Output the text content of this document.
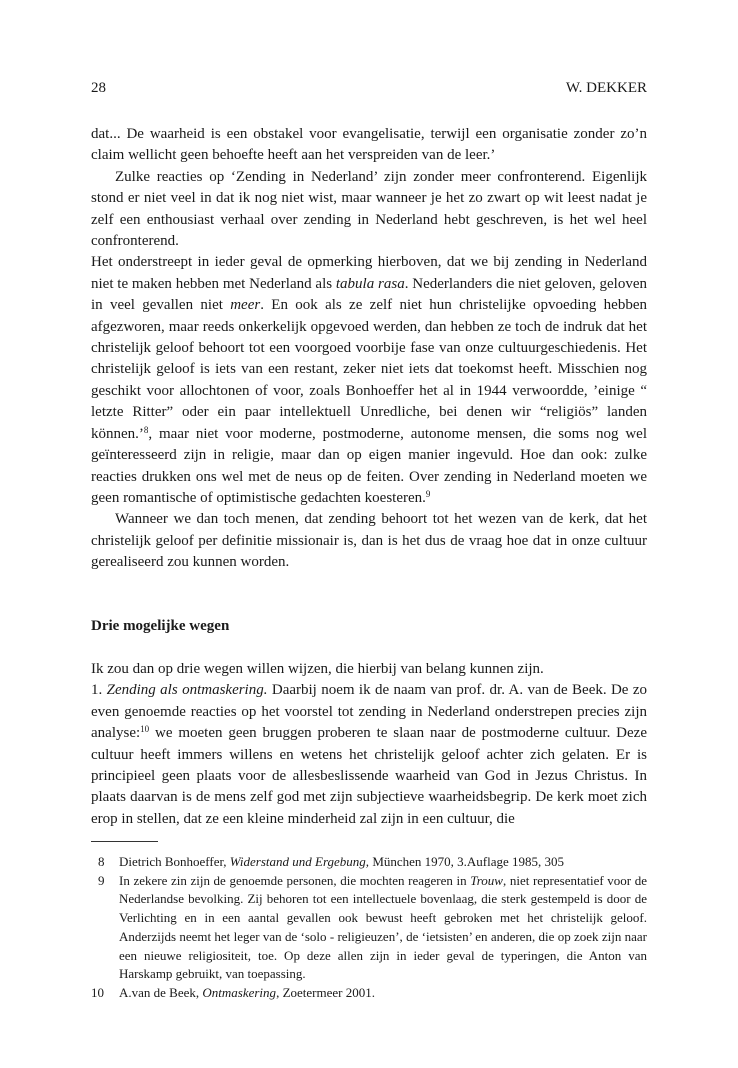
28	W. DEKKER

dat... De waarheid is een obstakel voor evangelisatie, terwijl een organisatie zonder zo’n claim wellicht geen behoefte heeft aan het verspreiden van de leer.’

Zulke reacties op ‘Zending in Nederland’ zijn zonder meer confronterend. Eigenlijk stond er niet veel in dat ik nog niet wist, maar wanneer je het zo zwart op wit leest nadat je zelf een enthousiast verhaal over zending in Nederland hebt geschreven, is het wel heel confronterend.

Het onderstreept in ieder geval de opmerking hierboven, dat we bij zending in Nederland niet te maken hebben met Nederland als tabula rasa. Nederlanders die niet geloven, geloven in veel gevallen niet meer. En ook als ze zelf niet hun christelijke opvoeding hebben afgezworen, maar reeds onkerkelijk opgevoed werden, dan hebben ze toch de indruk dat het christelijk geloof behoort tot een voorgoed voorbije fase van onze cultuurgeschiedenis. Het christelijk geloof is iets van een restant, zeker niet iets dat toekomst heeft. Misschien nog geschikt voor allochtonen of voor, zoals Bonhoeffer het al in 1944 verwoordde, ’einige “ letzte Ritter” oder ein paar intellektuell Unredliche, bei denen wir “religiös” landen können.’$^8$, maar niet voor moderne, postmoderne, autonome mensen, die soms nog wel geïnteresseerd zijn in religie, maar dan op eigen manier ingevuld. Hoe dan ook: zulke reacties drukken ons wel met de neus op de feiten. Over zending in Nederland moeten we geen romantische of optimistische gedachten koesteren.$^9$

Wanneer we dan toch menen, dat zending behoort tot het wezen van de kerk, dat het christelijk geloof per definitie missionair is, dan is het dus de vraag hoe dat in onze cultuur gerealiseerd zou kunnen worden.

Drie mogelijke wegen

Ik zou dan op drie wegen willen wijzen, die hierbij van belang kunnen zijn.

1. Zending als ontmaskering. Daarbij noem ik de naam van prof. dr. A. van de Beek. De zo even genoemde reacties op het voorstel tot zending in Nederland onderstrepen precies zijn analyse:$^{10}$ we moeten geen bruggen proberen te slaan naar de postmoderne cultuur. Deze cultuur heeft immers willens en wetens het christelijk geloof achter zich gelaten. Er is principieel geen plaats voor de allesbeslissende waarheid van God in Jezus Christus. In plaats daarvan is de mens zelf god met zijn subjectieve waarheidsbegrip. De kerk moet zich erop in stellen, dat ze een kleine minderheid zal zijn in een cultuur, die

8	Dietrich Bonhoeffer, Widerstand und Ergebung, München 1970, 3.Auflage 1985, 305
9	In zekere zin zijn de genoemde personen, die mochten reageren in Trouw, niet representatief voor de Nederlandse bevolking. Zij behoren tot een intellectuele bovenlaag, die sterk gestempeld is door de Verlichting en in een aantal gevallen ook bewust heeft gebroken met het christelijk geloof. Anderzijds neemt het leger van de ‘solo - religieuzen’, de ‘ietsisten’ en anderen, die op zoek zijn naar een nieuwe religiositeit, toe. Op deze allen zijn in ieder geval de typeringen, die Anton van Harskamp gebruikt, van toepassing.
10	A.van de Beek, Ontmaskering, Zoetermeer 2001.
